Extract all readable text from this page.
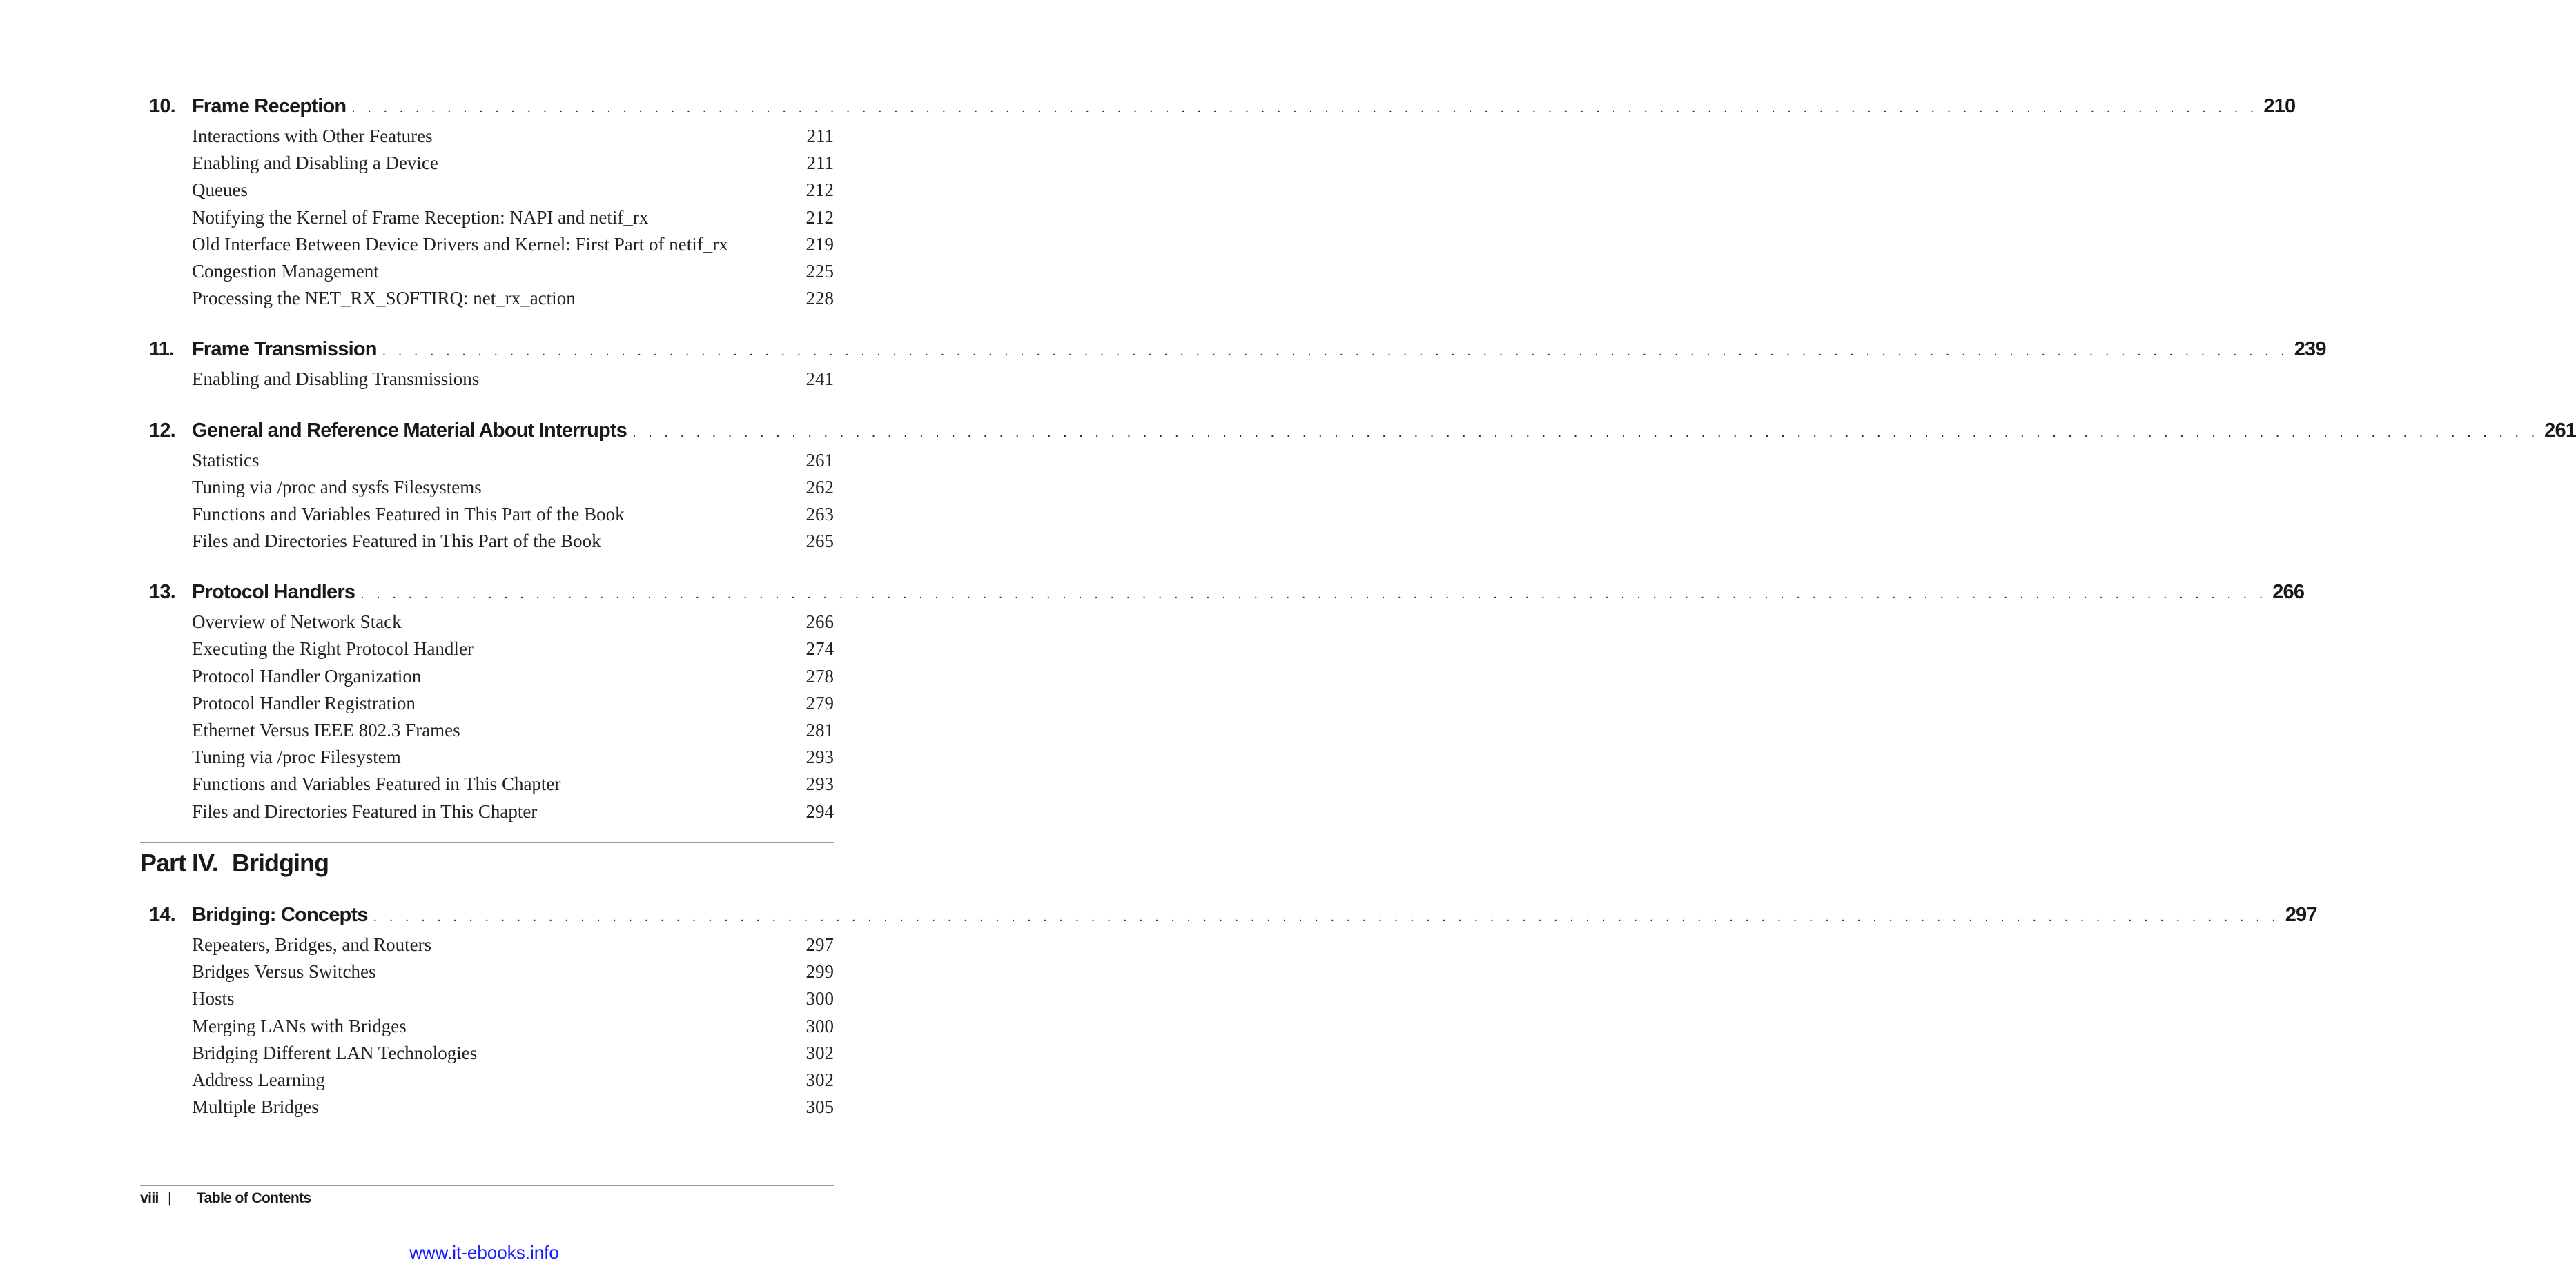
10. Frame Reception . . . . . . . . . . . . . . . . . . . . . . . . . . . . . . . . . . . . . . . . . . . . . . . . . . . . . . . . . . . . . . . . . . . . . . . . . . . . . . . . . . . . . . . . . . . . . . . . . . . . . . . . . . . . . . . . . . . . . . . . 210
Interactions with Other Features	211
Enabling and Disabling a Device	211
Queues	212
Notifying the Kernel of Frame Reception: NAPI and netif_rx	212
Old Interface Between Device Drivers and Kernel: First Part of netif_rx	219
Congestion Management	225
Processing the NET_RX_SOFTIRQ: net_rx_action	228
11. Frame Transmission . . . . . . . . . . . . . . . . . . . . . . . . . . . . . . . . . . . . . . . . . . . . . . . . . . . . . . . . . . . . . . . . . . . . . . . . . . . . . . . . . . . . . . . . . . . . . . . . . . . . . . . . . . . . . . . . . . . . . . . . 239
Enabling and Disabling Transmissions	241
12. General and Reference Material About Interrupts . . . . . . . . . . . . . . . . . . . . . . . . . . . . . . . . . . . . . . . . . . . . . . . . . . . . . . . . . . . . . . . . . . . . . . . . . . . . . . . . . . . . . . . . . . . . . . . . . . . . . . . . . . . . . . . . . . . . . . . . 261
Statistics	261
Tuning via /proc and sysfs Filesystems	262
Functions and Variables Featured in This Part of the Book	263
Files and Directories Featured in This Part of the Book	265
13. Protocol Handlers . . . . . . . . . . . . . . . . . . . . . . . . . . . . . . . . . . . . . . . . . . . . . . . . . . . . . . . . . . . . . . . . . . . . . . . . . . . . . . . . . . . . . . . . . . . . . . . . . . . . . . . . . . . . . . . . . . . . . . . . 266
Overview of Network Stack	266
Executing the Right Protocol Handler	274
Protocol Handler Organization	278
Protocol Handler Registration	279
Ethernet Versus IEEE 802.3 Frames	281
Tuning via /proc Filesystem	293
Functions and Variables Featured in This Chapter	293
Files and Directories Featured in This Chapter	294
Part IV. Bridging
14. Bridging: Concepts . . . . . . . . . . . . . . . . . . . . . . . . . . . . . . . . . . . . . . . . . . . . . . . . . . . . . . . . . . . . . . . . . . . . . . . . . . . . . . . . . . . . . . . . . . . . . . . . . . . . . . . . . . . . . . . . . . . . . . . . 297
Repeaters, Bridges, and Routers	297
Bridges Versus Switches	299
Hosts	300
Merging LANs with Bridges	300
Bridging Different LAN Technologies	302
Address Learning	302
Multiple Bridges	305
viii |	Table of Contents
www.it-ebooks.info
